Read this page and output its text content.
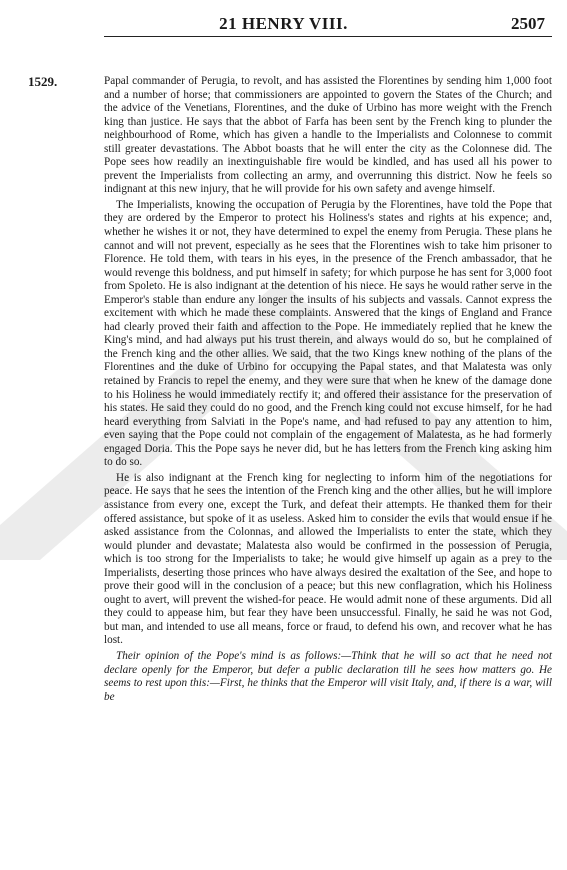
21 HENRY VIII.	2507
1529.	Papal commander of Perugia, to revolt, and has assisted the Florentines by sending him 1,000 foot and a number of horse; that commissioners are appointed to govern the States of the Church; and the advice of the Venetians, Florentines, and the duke of Urbino has more weight with the French king than justice. He says that the abbot of Farfa has been sent by the French king to plunder the neighbourhood of Rome, which has given a handle to the Imperialists and Colonnese to commit still greater devastations. The Abbot boasts that he will enter the city as the Colonnese did. The Pope sees how readily an inextinguishable fire would be kindled, and has used all his power to prevent the Imperialists from collecting an army, and overrunning this district. Now he feels so indignant at this new injury, that he will provide for his own safety and avenge himself.

The Imperialists, knowing the occupation of Perugia by the Florentines, have told the Pope that they are ordered by the Emperor to protect his Holiness's states and rights at his expence; and, whether he wishes it or not, they have determined to expel the enemy from Perugia. These plans he cannot and will not prevent, especially as he sees that the Florentines wish to take him prisoner to Florence. He told them, with tears in his eyes, in the presence of the French ambassador, that he would revenge this boldness, and put himself in safety; for which purpose he has sent for 3,000 foot from Spoleto. He is also indignant at the detention of his niece. He says he would rather serve in the Emperor's stable than endure any longer the insults of his subjects and vassals. Cannot express the excitement with which he made these complaints. Answered that the kings of England and France had clearly proved their faith and affection to the Pope. He immediately replied that he knew the King's mind, and had always put his trust therein, and always would do so, but he complained of the French king and the other allies. We said, that the two Kings knew nothing of the plans of the Florentines and the duke of Urbino for occupying the Papal states, and that Malatesta was only retained by Francis to repel the enemy, and they were sure that when he knew of the damage done to his Holiness he would immediately rectify it; and offered their assistance for the preservation of his states. He said they could do no good, and the French king could not excuse himself, for he had heard everything from Salviati in the Pope's name, and had refused to pay any attention to him, even saying that the Pope could not complain of the engagement of Malatesta, as he had formerly engaged Doria. This the Pope says he never did, but he has letters from the French king asking him to do so.

He is also indignant at the French king for neglecting to inform him of the negotiations for peace. He says that he sees the intention of the French king and the other allies, but he will implore assistance from every one, except the Turk, and defeat their attempts. He thanked them for their offered assistance, but spoke of it as useless. Asked him to consider the evils that would ensue if he asked assistance from the Colonnas, and allowed the Imperialists to enter the state, which they would plunder and devastate; Malatesta also would be confirmed in the possession of Perugia, which is too strong for the Imperialists to take; he would give himself up again as a prey to the Imperialists, deserting those princes who have always desired the exaltation of the See, and hope to prove their good will in the conclusion of a peace; but this new conflagration, which his Holiness ought to avert, will prevent the wished-for peace. He would admit none of these arguments. Did all they could to appease him, but fear they have been unsuccessful. Finally, he said he was not God, but man, and intended to use all means, force or fraud, to defend his own, and recover what he has lost.

Their opinion of the Pope's mind is as follows:—Think that he will so act that he need not declare openly for the Emperor, but defer a public declaration till he sees how matters go. He seems to rest upon this:—First, he thinks that the Emperor will visit Italy, and, if there is a war, will be
